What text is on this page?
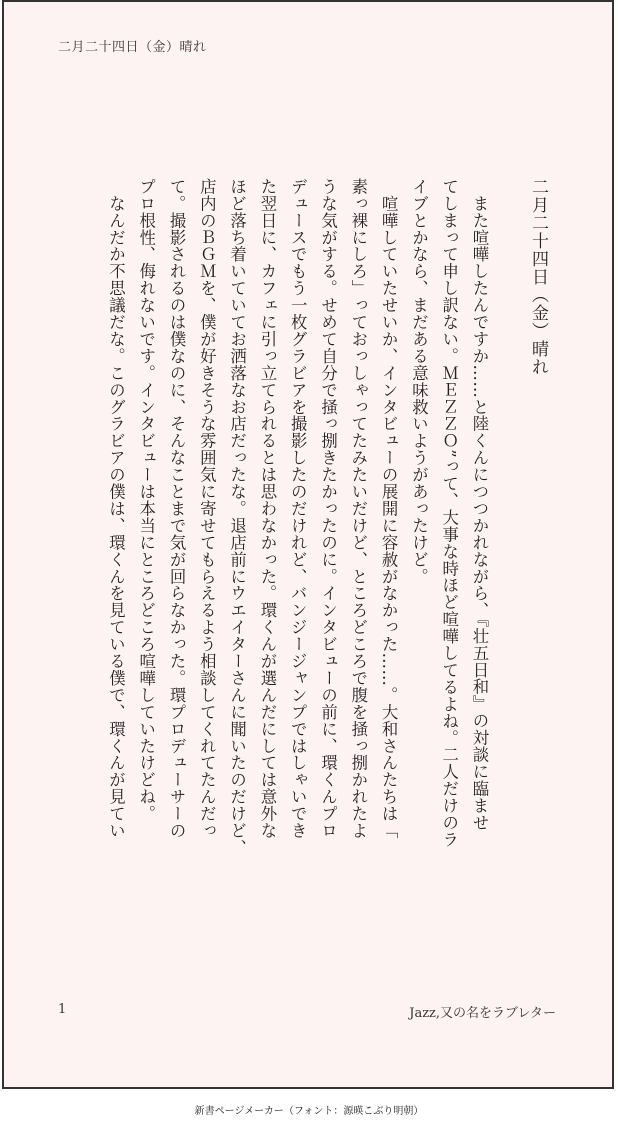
二月二十四日（金）晴れ
二月二十四日（金）晴れ
　また喧嘩したんですか……と陸くんにつつかれながら、『壮五日和』の対談に臨ませ
てしまって申し訳ない。ＭＥＺＺＯ”って、大事な時ほど喧嘩してるよね。二人だけのラ
イブとかなら、まだある意味救いようがあったけど。
　喧嘩していたせいか、インタビューの展開に容赦がなかった……。大和さんたちは「
素っ裸にしろ」っておっしゃってたみたいだけど、ところどころで腹を掻っ捌かれたよ
うな気がする。せめて自分で掻っ捌きたかったのに。インタビューの前に、環くんプロ
デュースでもう一枚グラビアを撮影したのだけれど、バンジージャンプではしゃいでき
た翌日に、カフェに引っ立てられるとは思わなかった。環くんが選んだにしては意外な
ほど落ち着いていてお洒落なお店だったな。退店前にウエイターさんに聞いたのだけど、
店内のＢＧＭを、僕が好きそうな雰囲気に寄せてもらえるよう相談してくれてたんだっ
て。撮影されるのは僕なのに、そんなことまで気が回らなかった。環プロデューサーの
プロ根性、侮れないです。インタビューは本当にところどころ喧嘩していたけどね。
　なんだか不思議だな。このグラビアの僕は、環くんを見ている僕で、環くんが見てい
1	Jazz,又の名をラブレター
新書ページメーカー（フォント：源暎こぶり明朝）
